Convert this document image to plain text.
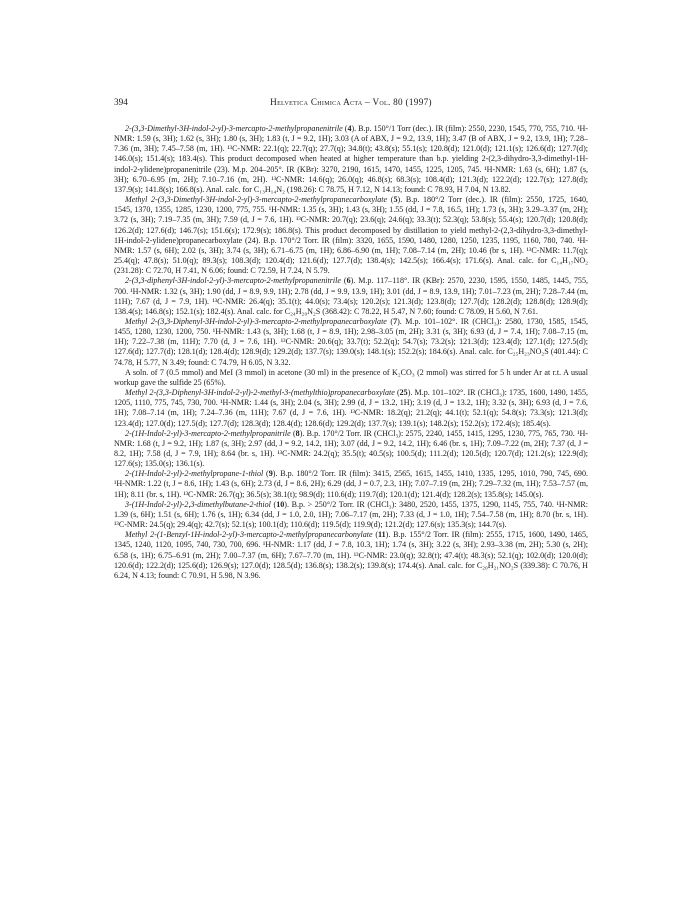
394	Helvetica Chimica Acta – Vol. 80 (1997)

2-(3,3-Dimethyl-3H-indol-2-yl)-3-mercapto-2-methylpropanenitrile (4). B.p. 150°/1 Torr (dec.). IR (film): 2550, 2230, 1545, 770, 755, 710. ¹H-NMR: 1.59 (s, 3H); 1.62 (s, 3H); 1.80 (s, 3H); 1.83 (t, J = 9.2, 1H); 3.03 (A of ABX, J = 9.2, 13.9, 1H); 3.47 (B of ABX, J = 9.2, 13.9, 1H); 7.28–7.36 (m, 3H); 7.45–7.58 (m, 1H). ¹³C-NMR: 22.1(q); 22.7(q); 27.7(q); 34.8(t); 43.8(s); 55.1(s); 120.8(d); 121.0(d); 121.1(s); 126.6(d); 127.7(d); 146.0(s); 151.4(s); 183.4(s). This product decomposed when heated at higher temperature than b.p. yielding 2-(2,3-dihydro-3,3-dimethyl-1H-indol-2-ylidene)propanenitrile (23). M.p. 204–205°. IR (KBr): 3270, 2190, 1615, 1470, 1455, 1225, 1205, 745. ¹H-NMR: 1.63 (s, 6H); 1.87 (s, 3H); 6.70–6.95 (m, 2H); 7.10–7.16 (m, 2H). ¹³C-NMR: 14.6(q); 26.0(q); 46.8(s); 68.3(s); 108.4(d); 121.3(d); 122.2(d); 122.7(s); 127.8(d); 137.9(s); 141.8(s); 166.8(s). Anal. calc. for C₁₃H₁₄N₂ (198.26): C 78.75, H 7.12, N 14.13; found: C 78.93, H 7.04, N 13.82.

Methyl 2-(3,3-Dimethyl-3H-indol-2-yl)-3-mercapto-2-methylpropanecarboxylate (5). B.p. 180°/2 Torr (dec.). IR (film): 2550, 1725, 1640, 1545, 1370, 1355, 1285, 1230, 1200, 775, 755. ¹H-NMR: 1.35 (s, 3H); 1.43 (s, 3H); 1.55 (dd, J = 7.8, 16.5, 1H); 1.73 (s, 3H); 3.29–3.37 (m, 2H); 3.72 (s, 3H); 7.19–7.35 (m, 3H); 7.59 (d, J = 7.6, 1H). ¹³C-NMR: 20.7(q); 23.6(q); 24.6(q); 33.3(t); 52.3(q); 53.8(s); 55.4(s); 120.7(d); 120.8(d); 126.2(d); 127.6(d); 146.7(s); 151.6(s); 172.9(s); 186.8(s). This product decomposed by distillation to yield methyl-2-(2,3-dihydro-3,3-dimethyl-1H-indol-2-ylidene)propanecarboxylate (24). B.p. 170°/2 Torr. IR (film): 3320, 1655, 1590, 1480, 1280, 1250, 1235, 1195, 1160, 780, 740. ¹H-NMR: 1.57 (s, 6H); 2.02 (s, 3H); 3.74 (s, 3H); 6.71–6.75 (m, 1H); 6.86–6.90 (m, 1H); 7.08–7.14 (m, 2H); 10.46 (br s, 1H). ¹³C-NMR: 11.7(q); 25.4(q); 47.8(s); 51.0(q); 89.3(s); 108.3(d); 120.4(d); 121.6(d); 127.7(d); 138.4(s); 142.5(s); 166.4(s); 171.6(s). Anal. calc. for C₁₄H₁₇NO₂ (231.28): C 72.70, H 7.41, N 6.06; found: C 72.59, H 7.24, N 5.79.

2-(3,3-diphenyl-3H-indol-2-yl)-3-mercapto-2-methylpropanenitrile (6). M.p. 117–118°. IR (KBr): 2570, 2230, 1595, 1550, 1485, 1445, 755, 700. ¹H-NMR: 1.32 (s, 3H); 1.90 (dd, J = 8.9, 9.9, 1H); 2.78 (dd, J = 9.9, 13.9, 1H); 3.01 (dd, J = 8.9, 13.9, 1H); 7.01–7.23 (m, 2H); 7.28–7.44 (m, 11H); 7.67 (d, J = 7.9, 1H). ¹³C-NMR: 26.4(q); 35.1(t); 44.0(s); 73.4(s); 120.2(s); 121.3(d); 123.8(d); 127.7(d); 128.2(d); 128.8(d); 128.9(d); 138.4(s); 146.8(s); 152.1(s); 182.4(s). Anal. calc. for C₂₄H₂₀N₂S (368.42): C 78.22, H 5.47, N 7.60; found: C 78.09, H 5.60, N 7.61.

Methyl 2-(3,3-Diphenyl-3H-indol-2-yl)-3-mercapto-2-methylpropanecarboxylate (7). M.p. 101–102°. IR (CHCl₃): 2580, 1730, 1585, 1545, 1455, 1280, 1230, 1200, 750. ¹H-NMR: 1.43 (s, 3H); 1.68 (t, J = 8.9, 1H); 2.98–3.05 (m, 2H); 3.31 (s, 3H); 6.93 (d, J = 7.4, 1H); 7.08–7.15 (m, 1H); 7.22–7.38 (m, 11H); 7.70 (d, J = 7.6, 1H). ¹³C-NMR: 20.6(q); 33.7(t); 52.2(q); 54.7(s); 73.2(s); 121.3(d); 123.4(d); 127.1(d); 127.5(d); 127.6(d); 127.7(d); 128.1(d); 128.4(d); 128.9(d); 129.2(d); 137.7(s); 139.0(s); 148.1(s); 152.2(s); 184.6(s). Anal. calc. for C₂₅H₂₃NO₂S (401.44): C 74.78, H 5.77, N 3.49; found: C 74.79, H 6.05, N 3.32.

A soln. of 7 (0.5 mmol) and MeI (3 mmol) in acetone (30 ml) in the presence of K₂CO₃ (2 mmol) was stirred for 5 h under Ar at r.t. A usual workup gave the sulfide 25 (65%).

Methyl 2-(3,3-Diphenyl-3H-indol-2-yl)-2-methyl-3-(methylthio)propanecarboxylate (25). M.p. 101–102°. IR (CHCl₃): 1735, 1600, 1490, 1455, 1205, 1110, 775, 745, 730, 700. ¹H-NMR: 1.44 (s, 3H); 2.04 (s, 3H); 2.99 (d, J = 13.2, 1H); 3.19 (d, J = 13.2, 1H); 3.32 (s, 3H); 6.93 (d, J = 7.6, 1H); 7.08–7.14 (m, 1H); 7.24–7.36 (m, 11H); 7.67 (d, J = 7.6, 1H). ¹³C-NMR: 18.2(q); 21.2(q); 44.1(t); 52.1(q); 54.8(s); 73.3(s); 121.3(d); 123.4(d); 127.0(d); 127.5(d); 127.7(d); 128.3(d); 128.4(d); 128.6(d); 129.2(d); 137.7(s); 139.1(s); 148.2(s); 152.2(s); 172.4(s); 185.4(s).

2-(1H-Indol-2-yl)-3-mercapto-2-methylpropanitrile (8). B.p. 170°/2 Torr. IR (CHCl₃): 2575, 2240, 1455, 1415, 1295, 1230, 775, 765, 730. ¹H-NMR: 1.68 (t, J = 9.2, 1H); 1.87 (s, 3H); 2.97 (dd, J = 9.2, 14.2, 1H); 3.07 (dd, J = 9.2, 14.2, 1H); 6.46 (br. s, 1H); 7.09–7.22 (m, 2H); 7.37 (d, J = 8.2, 1H); 7.58 (d, J = 7.9, 1H); 8.64 (br. s, 1H). ¹³C-NMR: 24.2(q); 35.5(t); 40.5(s); 100.5(d); 111.2(d); 120.5(d); 120.7(d); 121.2(s); 122.9(d); 127.6(s); 135.0(s); 136.1(s).

2-(1H-Indol-2-yl)-2-methylpropane-1-thiol (9). B.p. 180°/2 Torr. IR (film): 3415, 2565, 1615, 1455, 1410, 1335, 1295, 1010, 790, 745, 690. ¹H-NMR: 1.22 (t, J = 8.6, 1H); 1.43 (s, 6H); 2.73 (d, J = 8.6, 2H); 6.29 (dd, J = 0.7, 2.3, 1H); 7.07–7.19 (m, 2H); 7.29–7.32 (m, 1H); 7.53–7.57 (m, 1H); 8.11 (br. s, 1H). ¹³C-NMR: 26.7(q); 36.5(s); 38.1(t); 98.9(d); 110.6(d); 119.7(d); 120.1(d); 121.4(d); 128.2(s); 135.8(s); 145.0(s).

3-(1H-Indol-2-yl)-2,3-dimethylbutane-2-thiol (10). B.p. > 250°/2 Torr. IR (CHCl₃): 3480, 2520, 1455, 1375, 1290, 1145, 755, 740. ¹H-NMR: 1.39 (s, 6H); 1.51 (s, 6H); 1.76 (s, 1H); 6.34 (dd, J = 1.0, 2.0, 1H); 7.06–7.17 (m, 2H); 7.33 (d, J = 1.0, 1H); 7.54–7.58 (m, 1H); 8.70 (br. s, 1H). ¹³C-NMR: 24.5(q); 29.4(q); 42.7(s); 52.1(s); 100.1(d); 110.6(d); 119.5(d); 119.9(d); 121.2(d); 127.6(s); 135.3(s); 144.7(s).

Methyl 2-(1-Benzyl-1H-indol-2-yl)-3-mercapto-2-methylpropanecarbonylate (11). B.p. 155°/2 Torr. IR (film): 2555, 1715, 1600, 1490, 1465, 1345, 1240, 1120, 1095, 740, 730, 700, 696. ¹H-NMR: 1.17 (dd, J = 7.8, 10.3, 1H); 1.74 (s, 3H); 3.22 (s, 3H); 2.93–3.38 (m, 2H); 5.30 (s, 2H); 6.58 (s, 1H); 6.75–6.91 (m, 2H); 7.00–7.37 (m, 6H); 7.67–7.70 (m, 1H). ¹³C-NMR: 23.0(q); 32.8(t); 47.4(t); 48.3(s); 52.1(q); 102.0(d); 120.0(d); 120.6(d); 122.2(d); 125.6(d); 126.9(s); 127.0(d); 128.5(d); 136.8(s); 138.2(s); 139.8(s); 174.4(s). Anal. calc. for C₂₀H₂₁NO₂S (339.38): C 70.76, H 6.24, N 4.13; found: C 70.91, H 5.98, N 3.96.
